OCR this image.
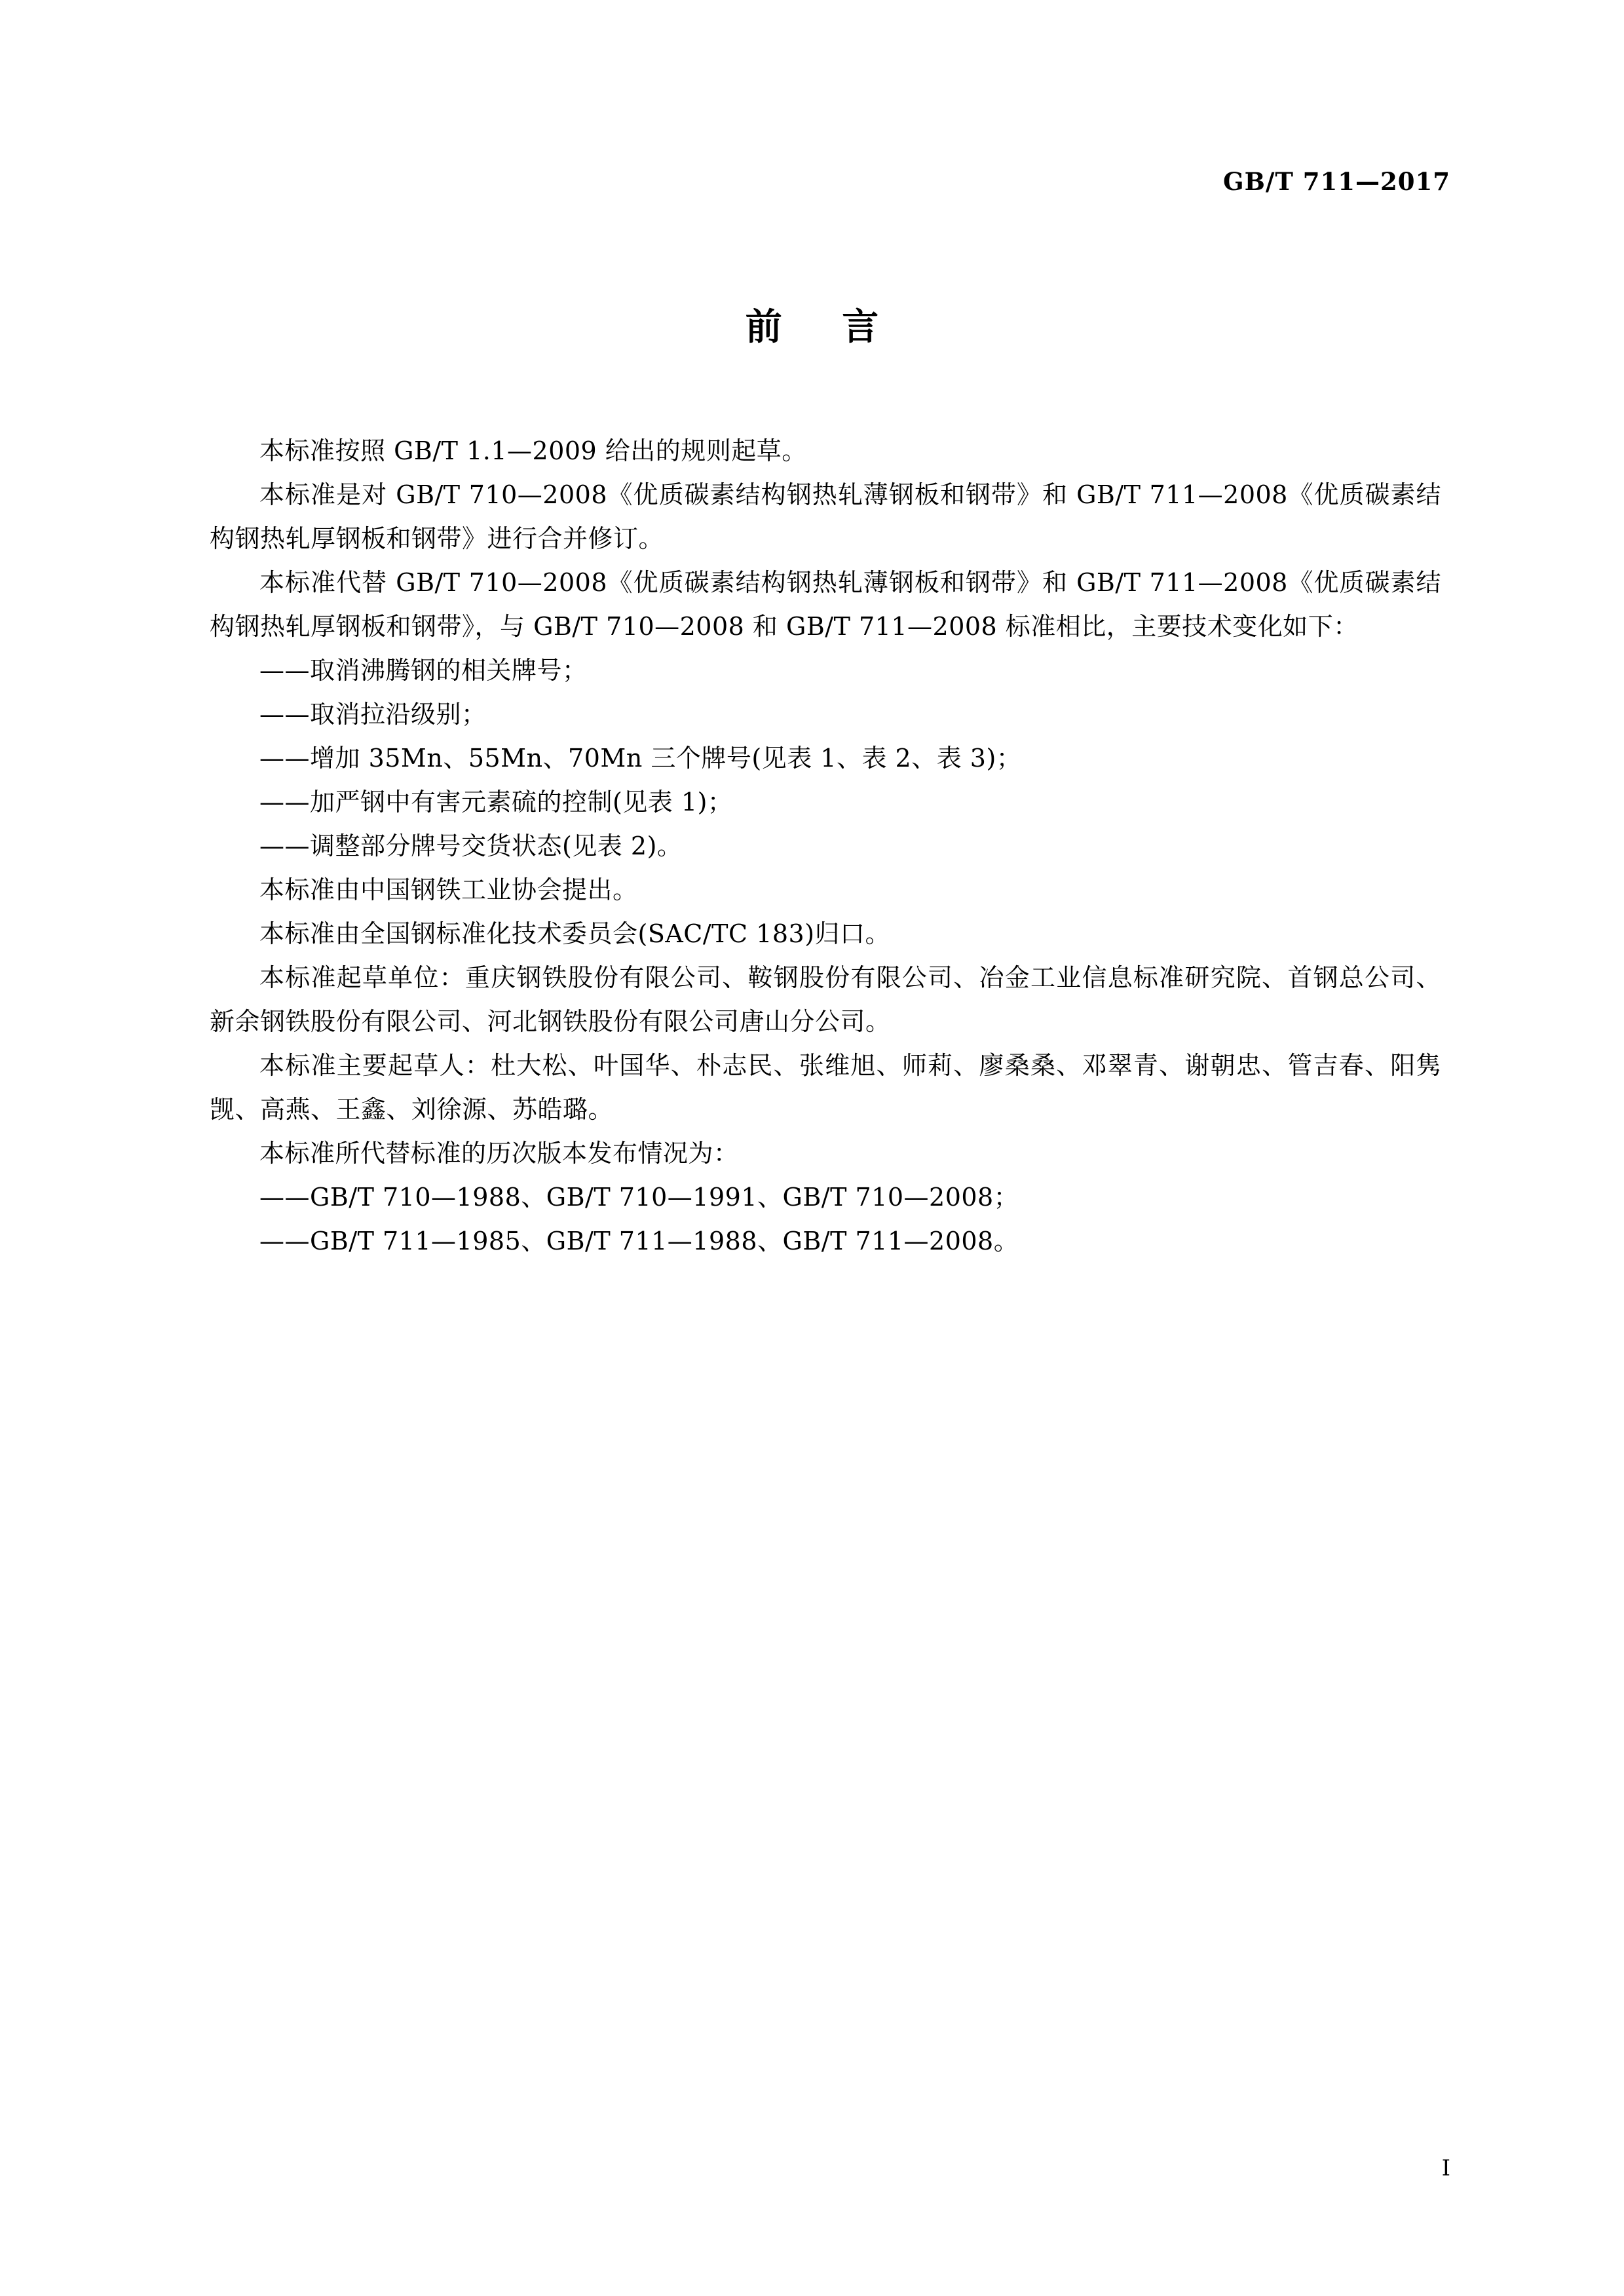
GB/T 711—2017
前 言

本标准按照 GB/T 1.1—2009 给出的规则起草。

本标准是对 GB/T 710—2008《优质碳素结构钢热轧薄钢板和钢带》和 GB/T 711—2008《优质碳素结构钢热轧厚钢板和钢带》进行合并修订。

本标准代替 GB/T 710—2008《优质碳素结构钢热轧薄钢板和钢带》和 GB/T 711—2008《优质碳素结构钢热轧厚钢板和钢带》，与 GB/T 710—2008 和 GB/T 711—2008 标准相比，主要技术变化如下：

——取消沸腾钢的相关牌号；

——取消拉沿级别；

——增加 35Mn、55Mn、70Mn 三个牌号(见表 1、表 2、表 3)；

——加严钢中有害元素硫的控制(见表 1)；

——调整部分牌号交货状态(见表 2)。

本标准由中国钢铁工业协会提出。

本标准由全国钢标准化技术委员会(SAC/TC 183)归口。

本标准起草单位：重庆钢铁股份有限公司、鞍钢股份有限公司、冶金工业信息标准研究院、首钢总公司、新余钢铁股份有限公司、河北钢铁股份有限公司唐山分公司。

本标准主要起草人：杜大松、叶国华、朴志民、张维旭、师莉、廖桑桑、邓翠青、谢朝忠、管吉春、阳隽觊、高燕、王鑫、刘徐源、苏皓璐。

本标准所代替标准的历次版本发布情况为：

——GB/T 710—1988、GB/T 710—1991、GB/T 710—2008；

——GB/T 711—1985、GB/T 711—1988、GB/T 711—2008。

Ⅰ
